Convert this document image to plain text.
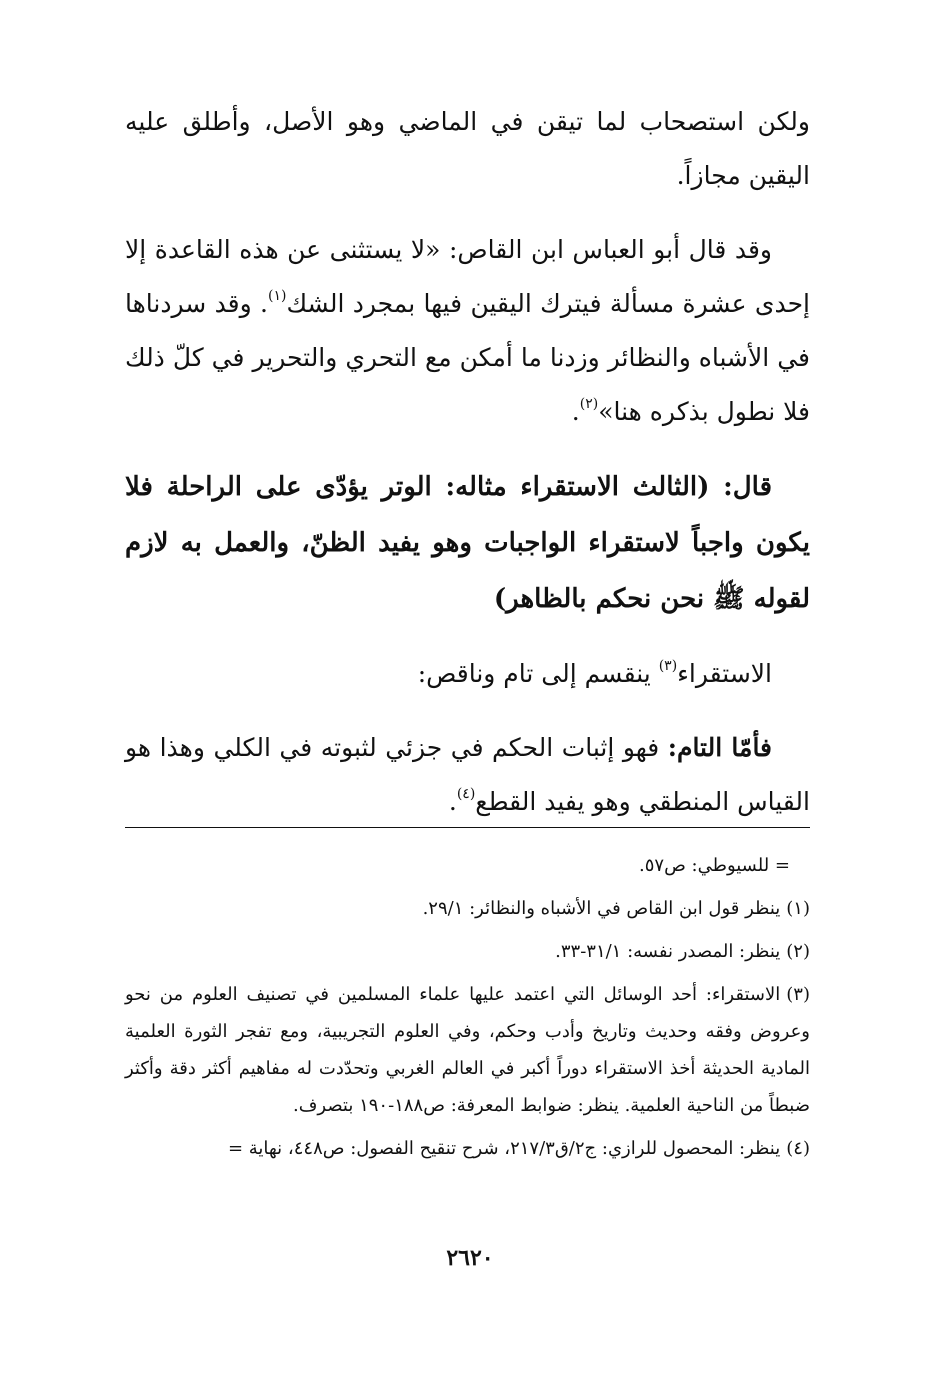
ولكن استصحاب لما تيقن في الماضي وهو الأصل، وأطلق عليه اليقين مجازاً.

وقد قال أبو العباس ابن القاص: «لا يستثنى عن هذه القاعدة إلا إحدى عشرة مسألة فيترك اليقين فيها بمجرد الشك$^{(١)}$. وقد سردناها في الأشباه والنظائر وزدنا ما أمكن مع التحري والتحرير في كلّ ذلك فلا نطول بذكره هنا»$^{(٢)}$.

قال: (الثالث الاستقراء مثاله: الوتر يؤدّى على الراحلة فلا يكون واجباً لاستقراء الواجبات وهو يفيد الظنّ، والعمل به لازم لقوله ﷺ نحن نحكم بالظاهر)

الاستقراء$^{(٣)}$ ينقسم إلى تام وناقص:

فأمّا التام: فهو إثبات الحكم في جزئي لثبوته في الكلي وهذا هو القياس المنطقي وهو يفيد القطع$^{(٤)}$.

= للسيوطي: ص٥٧.

(١)ينظر قول ابن القاص في الأشباه والنظائر: ٢٩/١.

(٢)ينظر: المصدر نفسه: ٣١/١-٣٣.

(٣)الاستقراء: أحد الوسائل التي اعتمد عليها علماء المسلمين في تصنيف العلوم من نحو وعروض وفقه وحديث وتاريخ وأدب وحكم، وفي العلوم التجريبية، ومع تفجر الثورة العلمية المادية الحديثة أخذ الاستقراء دوراً أكبر في العالم الغربي وتحدّدت له مفاهيم أكثر دقة وأكثر ضبطاً من الناحية العلمية. ينظر: ضوابط المعرفة: ص١٨٨-١٩٠ بتصرف.

(٤)ينظر: المحصول للرازي: ج٢/ق٢١٧/٣، شرح تنقيح الفصول: ص٤٤٨، نهاية =

٢٦٢٠
